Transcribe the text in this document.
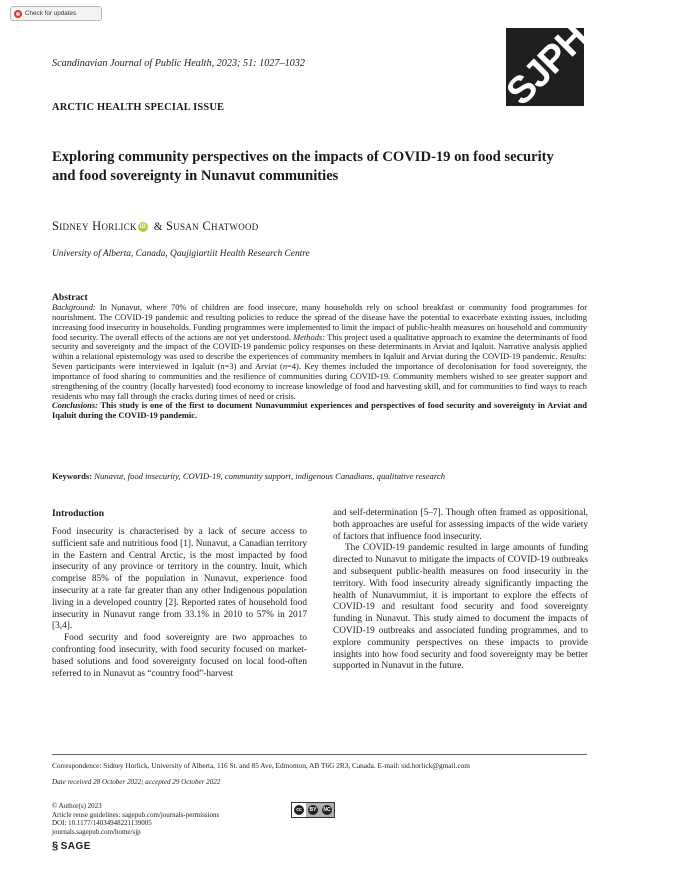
Check for updates
SJPH
Scandinavian Journal of Public Health, 2023; 51: 1027–1032
ARCTIC HEALTH SPECIAL ISSUE
Exploring community perspectives on the impacts of COVID-19 on food security and food sovereignty in Nunavut communities
Sidney Horlick iD & Susan Chatwood
University of Alberta, Canada, Qaujigiartiit Health Research Centre
Abstract
Background: In Nunavut, where 70% of children are food insecure, many households rely on school breakfast or community food programmes for nourishment. The COVID-19 pandemic and resulting policies to reduce the spread of the disease have the potential to exacerbate existing issues, including increasing food insecurity in households. Funding programmes were implemented to limit the impact of public-health measures on household and community food security. The overall effects of the actions are not yet understood. Methods: This project used a qualitative approach to examine the determinants of food security and sovereignty and the impact of the COVID-19 pandemic policy responses on these determinants in Arviat and Iqaluit. Narrative analysis applied within a relational epistemology was used to describe the experiences of community members in Iqaluit and Arviat during the COVID-19 pandemic. Results: Seven participants were interviewed in Iqaluit (n=3) and Arviat (n=4). Key themes included the importance of decolonisation for food sovereignty, the importance of food sharing to communities and the resilience of communities during COVID-19. Community members wished to see greater support and strengthening of the country (locally harvested) food economy to increase knowledge of food and harvesting skill, and for communities to find ways to reach residents who may fall through the cracks during times of need or crisis.
Conclusions: This study is one of the first to document Nunavummiut experiences and perspectives of food security and sovereignty in Arviat and Iqaluit during the COVID-19 pandemic.
Keywords: Nunavut, food insecurity, COVID-19, community support, indigenous Canadians, qualitative research
Introduction

Food insecurity is characterised by a lack of secure access to sufficient safe and nutritious food [1]. Nunavut, a Canadian territory in the Eastern and Central Arctic, is the most impacted by food insecurity of any province or territory in the country. Inuit, which comprise 85% of the population in Nunavut, experience food insecurity at a rate far greater than any other Indigenous population living in a developed country [2]. Reported rates of household food insecurity in Nunavut range from 33.1% in 2010 to 57% in 2017 [3,4].

Food security and food sovereignty are two approaches to confronting food insecurity, with food security focused on market-based solutions and food sovereignty focused on local food-often referred to in Nunavut as “country food”-harvest

and self-determination [5–7]. Though often framed as oppositional, both approaches are useful for assessing impacts of the wide variety of factors that influence food insecurity.

The COVID-19 pandemic resulted in large amounts of funding directed to Nunavut to mitigate the impacts of COVID-19 outbreaks and subsequent public-health measures on food insecurity in the territory. With food insecurity already significantly impacting the health of Nunavummiut, it is important to explore the effects of COVID-19 and resultant food security and food sovereignty funding in Nunavut. This study aimed to document the impacts of COVID-19 outbreaks and associated funding programmes, and to explore community perspectives on these impacts to provide insights into how food security and food sovereignty may be better supported in Nunavut in the future.

Correspondence: Sidney Horlick, University of Alberta, 116 St. and 85 Ave, Edmonton, AB T6G 2R3, Canada. E-mail: sid.horlick@gmail.com
Date received 28 October 2022; accepted 29 October 2022
© Author(s) 2023
Article reuse guidelines: sagepub.com/journals-permissions
DOI: 10.1177/14034948221139005
journals.sagepub.com/home/sjp
§ SAGE
cc	BY	NC
